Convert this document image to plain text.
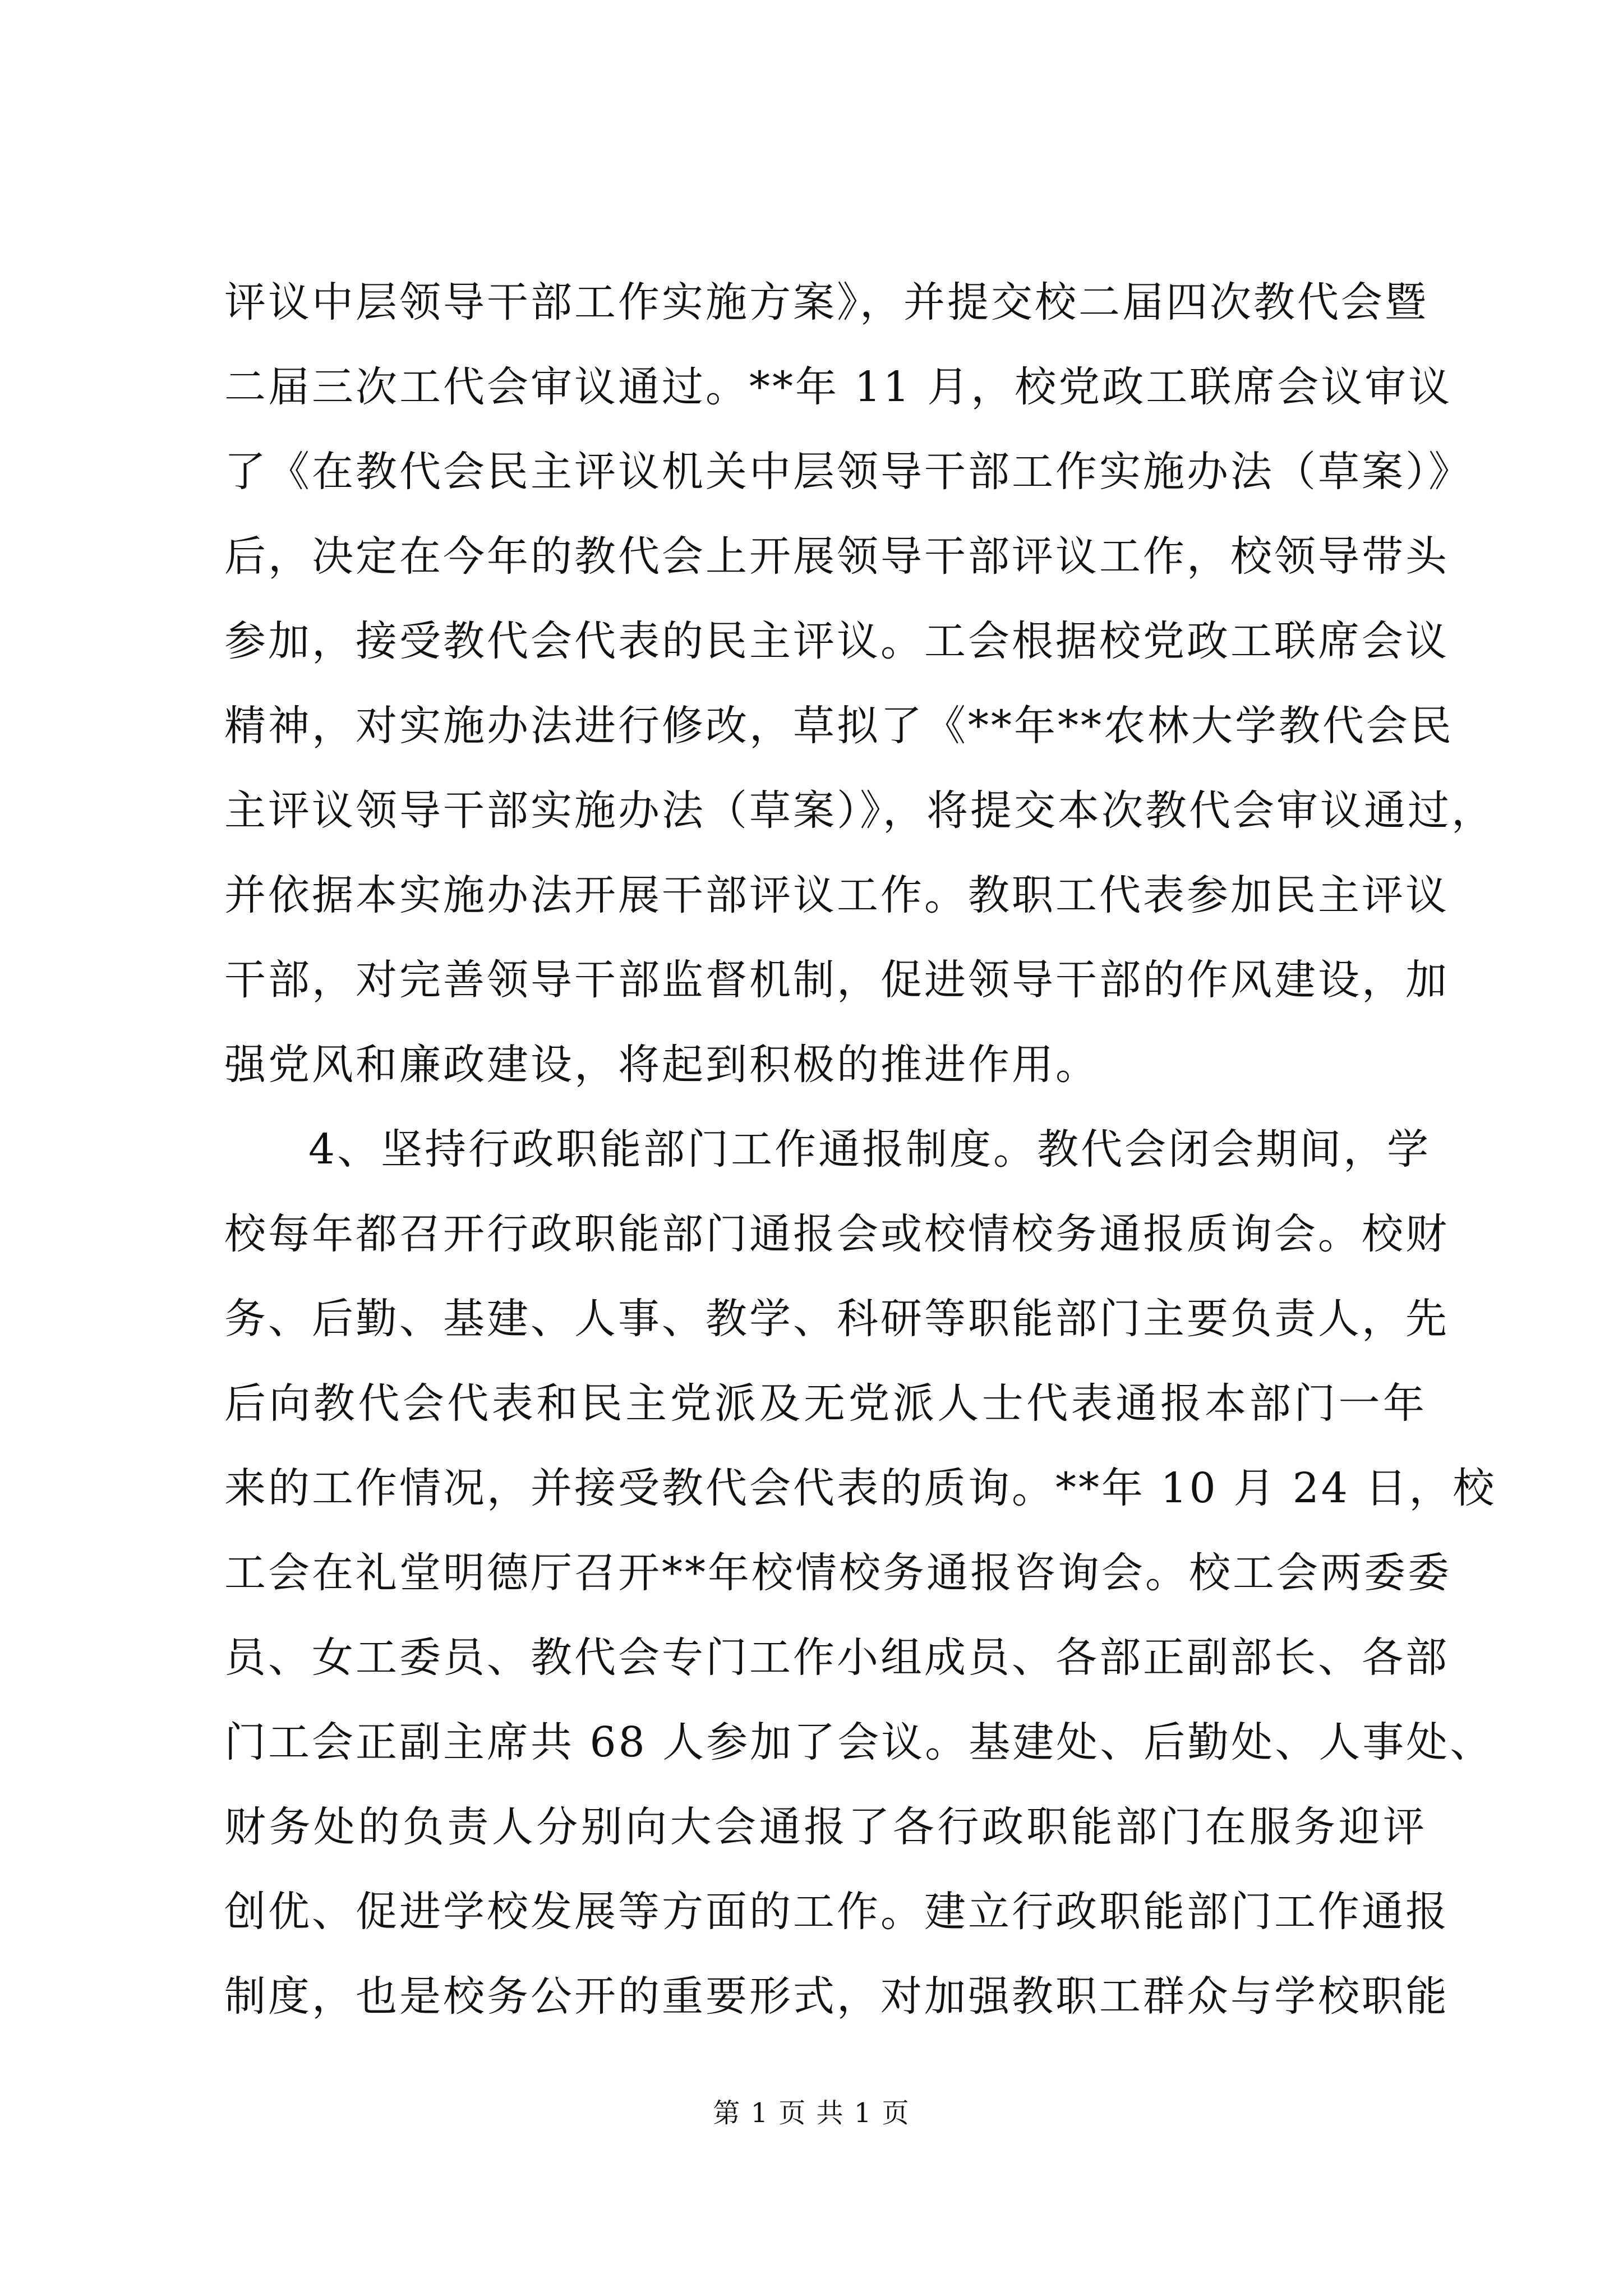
评议中层领导干部工作实施方案》，并提交校二届四次教代会暨
二届三次工代会审议通过。**年 11 月，校党政工联席会议审议
了《在教代会民主评议机关中层领导干部工作实施办法（草案）》
后，决定在今年的教代会上开展领导干部评议工作，校领导带头
参加，接受教代会代表的民主评议。工会根据校党政工联席会议
精神，对实施办法进行修改，草拟了《**年**农林大学教代会民
主评议领导干部实施办法（草案）》，将提交本次教代会审议通过，
并依据本实施办法开展干部评议工作。教职工代表参加民主评议
干部，对完善领导干部监督机制，促进领导干部的作风建设，加
强党风和廉政建设，将起到积极的推进作用。
4、坚持行政职能部门工作通报制度。教代会闭会期间，学
校每年都召开行政职能部门通报会或校情校务通报质询会。校财
务、后勤、基建、人事、教学、科研等职能部门主要负责人，先
后向教代会代表和民主党派及无党派人士代表通报本部门一年
来的工作情况，并接受教代会代表的质询。**年 10 月 24 日，校
工会在礼堂明德厅召开**年校情校务通报咨询会。校工会两委委
员、女工委员、教代会专门工作小组成员、各部正副部长、各部
门工会正副主席共 68 人参加了会议。基建处、后勤处、人事处、
财务处的负责人分别向大会通报了各行政职能部门在服务迎评
创优、促进学校发展等方面的工作。建立行政职能部门工作通报
制度，也是校务公开的重要形式，对加强教职工群众与学校职能
第 1 页 共 1 页
